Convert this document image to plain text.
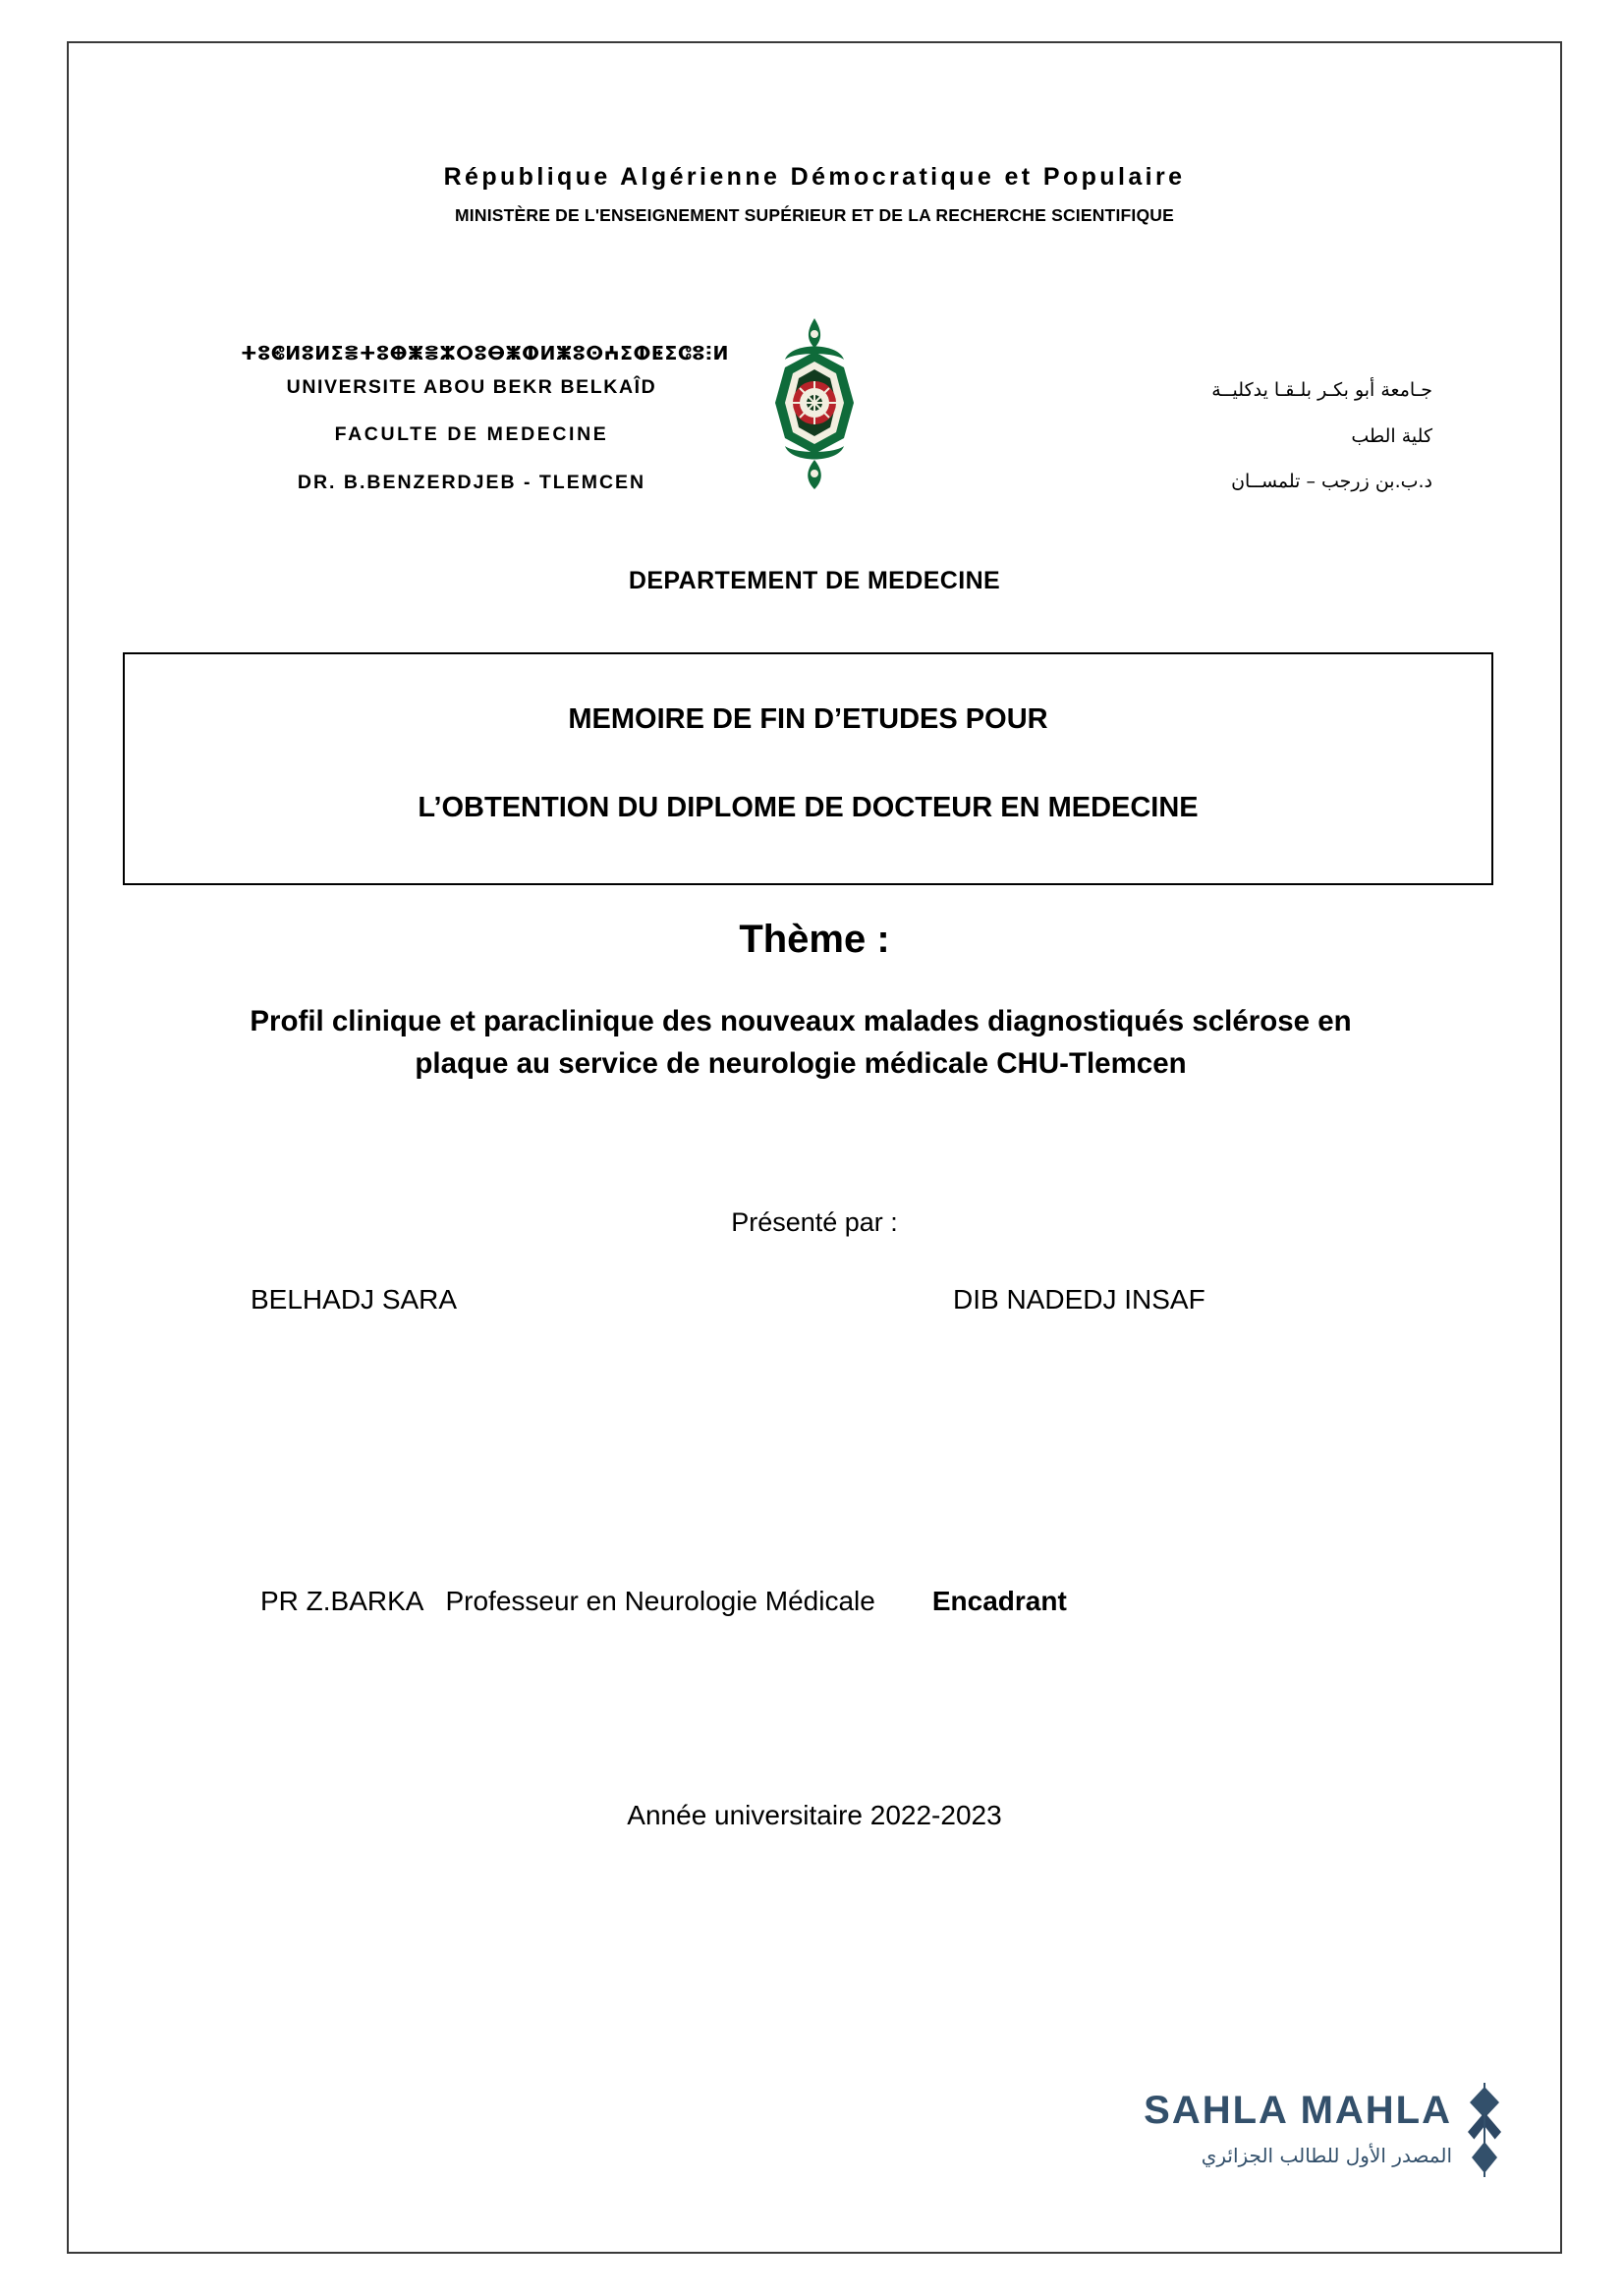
République Algérienne Démocratique et Populaire
MINISTÈRE DE L'ENSEIGNEMENT SUPÉRIEUR ET DE LA RECHERCHE SCIENTIFIQUE
ⵜⵓⵞⵍⵓⵍⵉⴻⵜⵓⴲⵥⴻⵣⵔⵓⴱⵥⵀⵍⵥⵓⵙⵄⵉⵀⵟⵉⵛⵓⵗⵍ
UNIVERSITE ABOU BEKR BELKAÎD
FACULTE DE MEDECINE
DR. B.BENZERDJEB - TLEMCEN
جـامعة أبو بكـر بلـقـا يدكليــة
كلية الطب
د.ب.بن زرجب – تلمســان
DEPARTEMENT DE MEDECINE
MEMOIRE DE FIN D’ETUDES POUR
L’OBTENTION DU DIPLOME DE DOCTEUR EN MEDECINE
Thème :
Profil clinique et paraclinique des nouveaux malades diagnostiqués sclérose en plaque au service de neurologie médicale CHU-Tlemcen
Présenté par :
BELHADJ SARA	DIB NADEDJ INSAF
PR Z.BARKA Professeur en Neurologie Médicale Encadrant
Année universitaire 2022-2023
SAHLA MAHLA
المصدر الأول للطالب الجزائري
